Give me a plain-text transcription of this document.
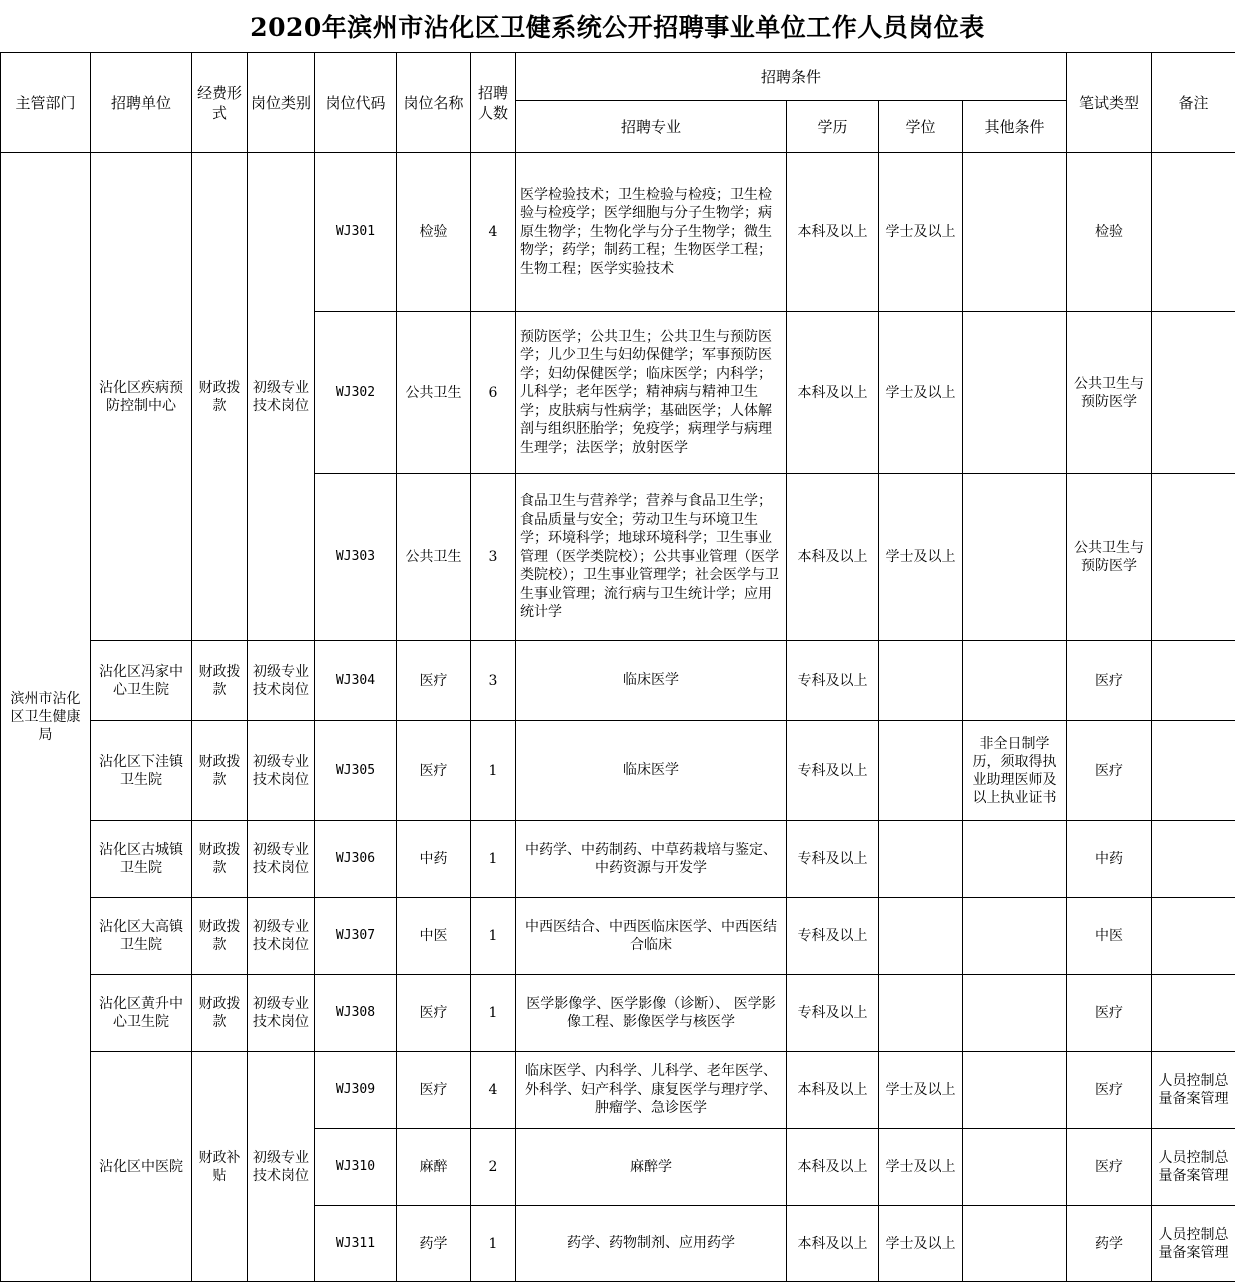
2020年滨州市沾化区卫健系统公开招聘事业单位工作人员岗位表
主管部门	招聘单位	经费形式	岗位类别	岗位代码	岗位名称	招聘人数	招聘条件				笔试类型	备注
							招聘专业	学历	学位	其他条件		
滨州市沾化区卫生健康局	沾化区疾病预防控制中心	财政拨款	初级专业技术岗位	WJ301	检验	4	医学检验技术；卫生检验与检疫；卫生检验与检疫学；医学细胞与分子生物学；病原生物学；生物化学与分子生物学；微生物学；药学；制药工程；生物医学工程；生物工程；医学实验技术	本科及以上	学士及以上		检验	
				WJ302	公共卫生	6	预防医学；公共卫生；公共卫生与预防医学；儿少卫生与妇幼保健学；军事预防医学；妇幼保健医学；临床医学；内科学；儿科学；老年医学；精神病与精神卫生学；皮肤病与性病学；基础医学；人体解剖与组织胚胎学；免疫学；病理学与病理生理学；法医学；放射医学	本科及以上	学士及以上		公共卫生与预防医学	
				WJ303	公共卫生	3	食品卫生与营养学；营养与食品卫生学；食品质量与安全；劳动卫生与环境卫生学；环境科学；地球环境科学；卫生事业管理（医学类院校）；公共事业管理（医学类院校）；卫生事业管理学；社会医学与卫生事业管理；流行病与卫生统计学；应用统计学	本科及以上	学士及以上		公共卫生与预防医学	
	沾化区冯家中心卫生院	财政拨款	初级专业技术岗位	WJ304	医疗	3	临床医学	专科及以上			医疗	
	沾化区下洼镇卫生院	财政拨款	初级专业技术岗位	WJ305	医疗	1	临床医学	专科及以上		非全日制学历，须取得执业助理医师及以上执业证书	医疗	
	沾化区古城镇卫生院	财政拨款	初级专业技术岗位	WJ306	中药	1	中药学、中药制药、中草药栽培与鉴定、中药资源与开发学	专科及以上			中药	
	沾化区大高镇卫生院	财政拨款	初级专业技术岗位	WJ307	中医	1	中西医结合、中西医临床医学、中西医结合临床	专科及以上			中医	
	沾化区黄升中心卫生院	财政拨款	初级专业技术岗位	WJ308	医疗	1	医学影像学、医学影像（诊断）、 医学影像工程、影像医学与核医学	专科及以上			医疗	
	沾化区中医院	财政补贴	初级专业技术岗位	WJ309	医疗	4	临床医学、内科学、儿科学、老年医学、外科学、妇产科学、康复医学与理疗学、肿瘤学、急诊医学	本科及以上	学士及以上		医疗	人员控制总量备案管理
				WJ310	麻醉	2	麻醉学	本科及以上	学士及以上		医疗	人员控制总量备案管理
				WJ311	药学	1	药学、药物制剂、应用药学	本科及以上	学士及以上		药学	人员控制总量备案管理
